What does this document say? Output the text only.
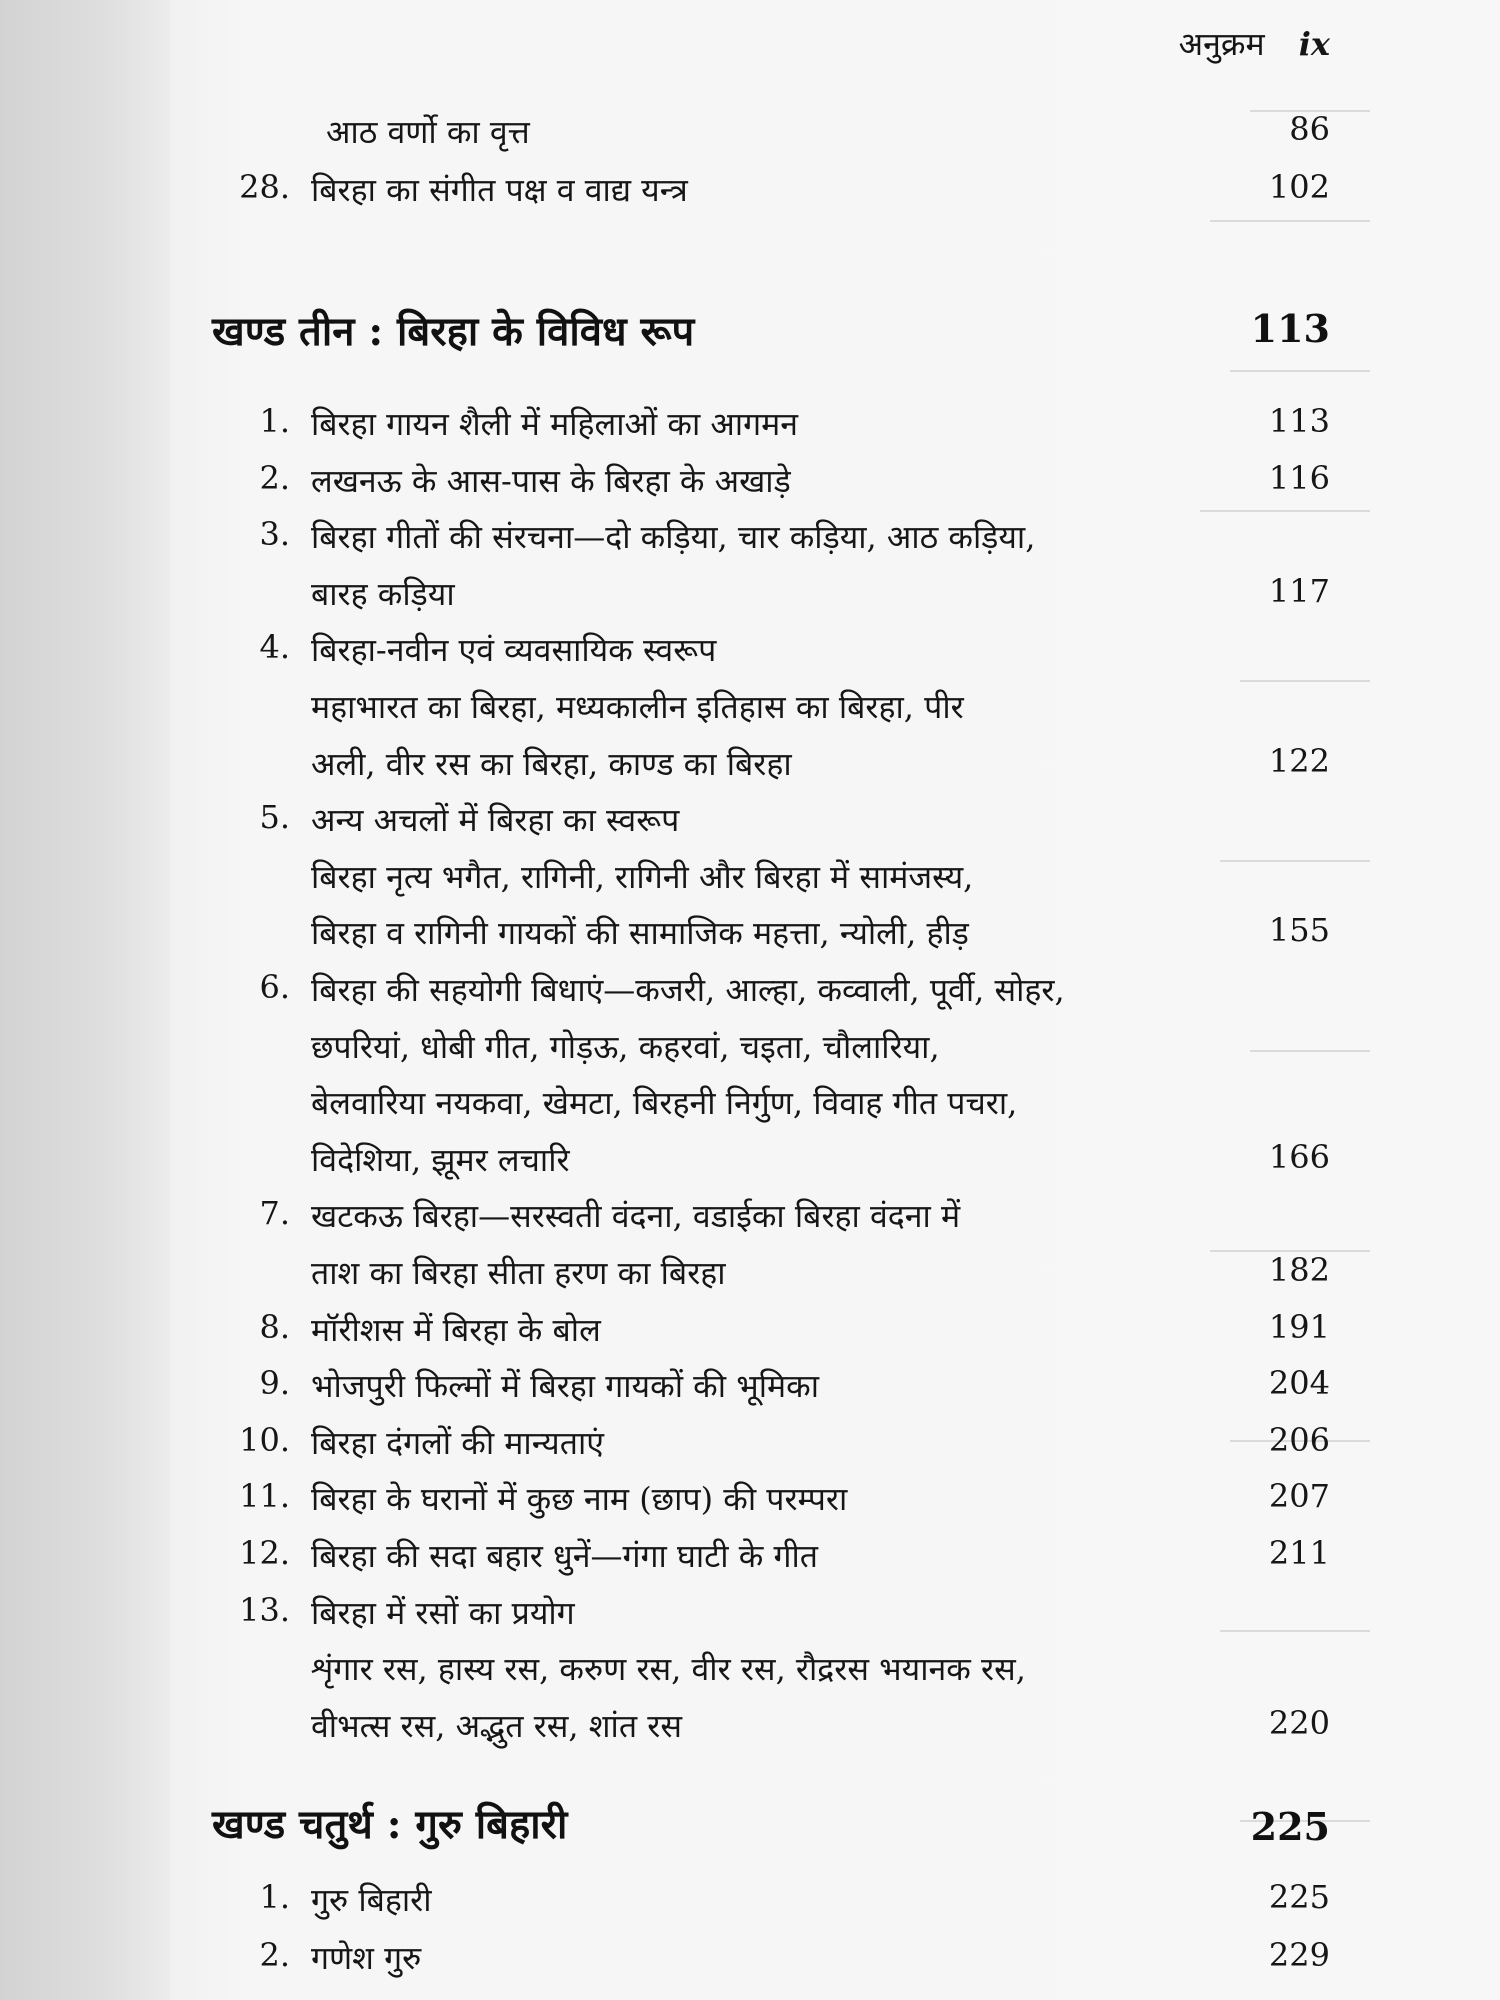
अनुक्रम ix
आठ वर्णो का वृत्त	86
28. बिरहा का संगीत पक्ष व वाद्य यन्त्र	102
खण्ड तीन : बिरहा के विविध रूप	113
1. बिरहा गायन शैली में महिलाओं का आगमन	113
2. लखनऊ के आस-पास के बिरहा के अखाड़े	116
3. बिरहा गीतों की संरचना—दो कड़िया, चार कड़िया, आठ कड़िया,
बारह कड़िया	117
4. बिरहा-नवीन एवं व्यवसायिक स्वरूप
महाभारत का बिरहा, मध्यकालीन इतिहास का बिरहा, पीर
अली, वीर रस का बिरहा, काण्ड का बिरहा	122
5. अन्य अचलों में बिरहा का स्वरूप
बिरहा नृत्य भगैत, रागिनी, रागिनी और बिरहा में सामंजस्य,
बिरहा व रागिनी गायकों की सामाजिक महत्ता, न्योली, हीड़	155
6. बिरहा की सहयोगी बिधाएं—कजरी, आल्हा, कव्वाली, पूर्वी, सोहर,
छपरियां, धोबी गीत, गोड़ऊ, कहरवां, चइता, चौलारिया,
बेलवारिया नयकवा, खेमटा, बिरहनी निर्गुण, विवाह गीत पचरा,
विदेशिया, झूमर लचारि	166
7. खटकऊ बिरहा—सरस्वती वंदना, वडाईका बिरहा वंदना में
ताश का बिरहा सीता हरण का बिरहा	182
8. मॉरीशस में बिरहा के बोल	191
9. भोजपुरी फिल्मों में बिरहा गायकों की भूमिका	204
10. बिरहा दंगलों की मान्यताएं	206
11. बिरहा के घरानों में कुछ नाम (छाप) की परम्परा	207
12. बिरहा की सदा बहार धुनें—गंगा घाटी के गीत	211
13. बिरहा में रसों का प्रयोग
शृंगार रस, हास्य रस, करुण रस, वीर रस, रौद्ररस भयानक रस,
वीभत्स रस, अद्भुत रस, शांत रस	220
खण्ड चतुर्थ : गुरु बिहारी	225
1. गुरु बिहारी	225
2. गणेश गुरु	229
